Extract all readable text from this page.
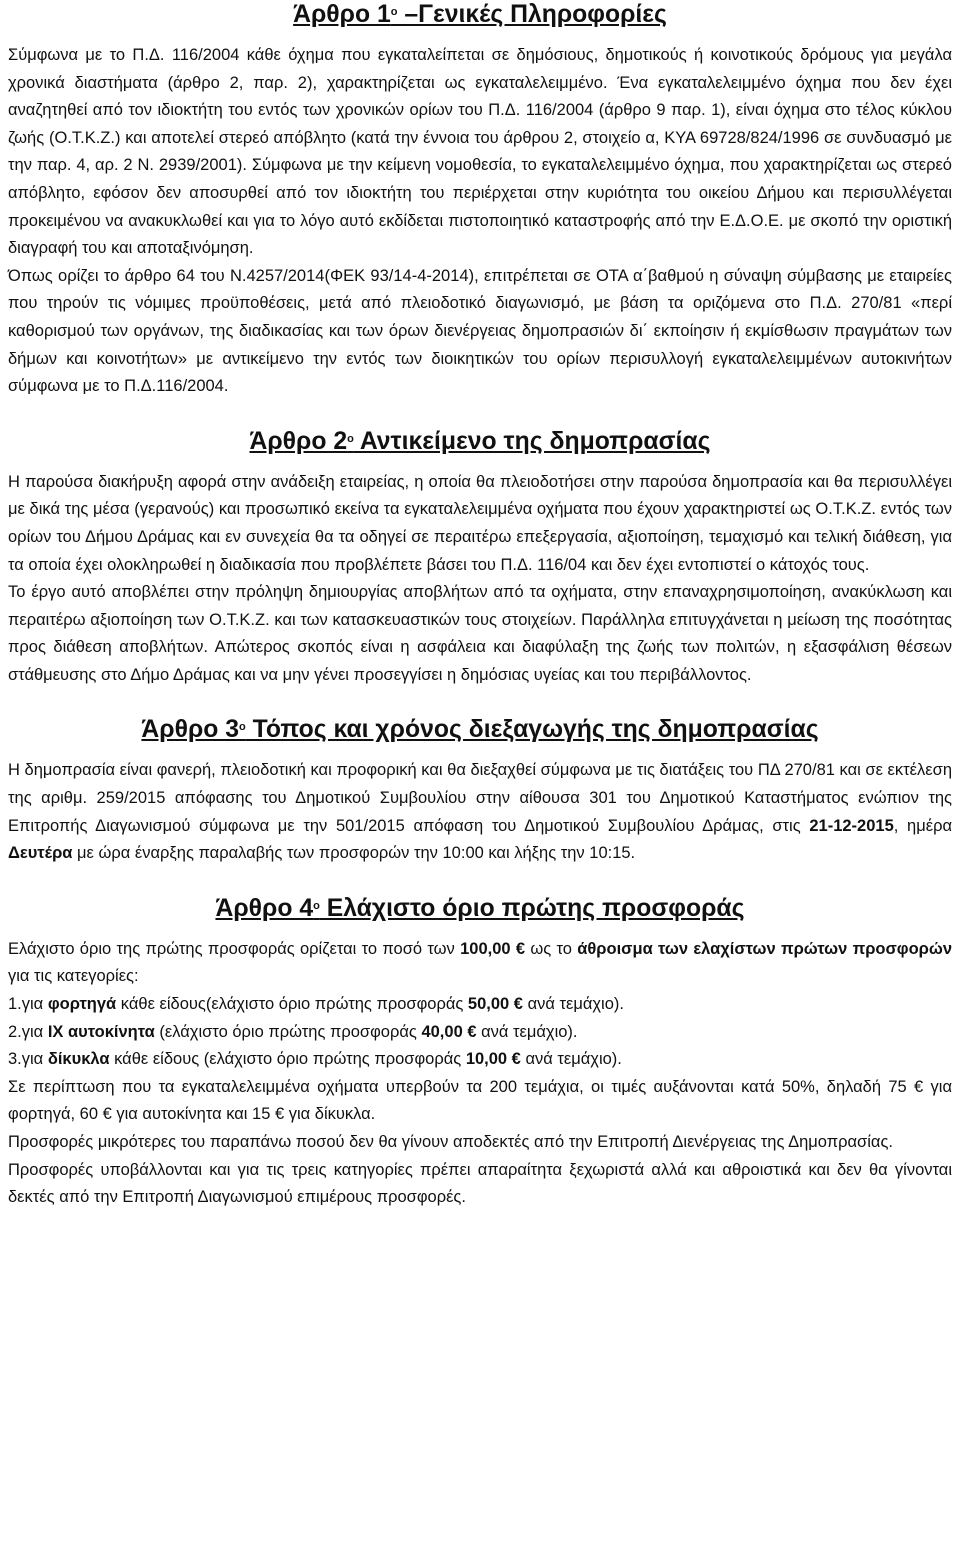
Άρθρο $1^o$ –Γενικές Πληροφορίες

Σύμφωνα με το Π.Δ. 116/2004 κάθε όχημα που εγκαταλείπεται σε δημόσιους, δημοτικούς ή κοινοτικούς δρόμους για μεγάλα χρονικά διαστήματα (άρθρο 2, παρ. 2), χαρακτηρίζεται ως εγκαταλελειμμένο. Ένα εγκαταλελειμμένο όχημα που δεν έχει αναζητηθεί από τον ιδιοκτήτη του εντός των χρονικών ορίων του Π.Δ. 116/2004 (άρθρο 9 παρ. 1), είναι όχημα στο τέλος κύκλου ζωής (Ο.Τ.Κ.Ζ.) και αποτελεί στερεό απόβλητο (κατά την έννοια του άρθρου 2, στοιχείο α, ΚΥΑ 69728/824/1996 σε συνδυασμό με την παρ. 4, αρ. 2 Ν. 2939/2001). Σύμφωνα με την κείμενη νομοθεσία, το εγκαταλελειμμένο όχημα, που χαρακτηρίζεται ως στερεό απόβλητο, εφόσον δεν αποσυρθεί από τον ιδιοκτήτη του περιέρχεται στην κυριότητα του οικείου Δήμου και περισυλλέγεται προκειμένου να ανακυκλωθεί και για το λόγο αυτό εκδίδεται πιστοποιητικό καταστροφής από την Ε.Δ.Ο.Ε. με σκοπό την οριστική διαγραφή του και αποταξινόμηση.

Όπως ορίζει το άρθρο 64 του Ν.4257/2014(ΦΕΚ 93/14-4-2014), επιτρέπεται σε ΟΤΑ α΄βαθμού η σύναψη σύμβασης με εταιρείες που τηρούν τις νόμιμες προϋποθέσεις, μετά από πλειοδοτικό διαγωνισμό, με βάση τα οριζόμενα στο Π.Δ. 270/81 «περί καθορισμού των οργάνων, της διαδικασίας και των όρων διενέργειας δημοπρασιών δι΄ εκποίησιν ή εκμίσθωσιν πραγμάτων των δήμων και κοινοτήτων» με αντικείμενο την εντός των διοικητικών του ορίων περισυλλογή εγκαταλελειμμένων αυτοκινήτων σύμφωνα με το Π.Δ.116/2004.

Άρθρο $2^o$ Αντικείμενο της δημοπρασίας

Η παρούσα διακήρυξη αφορά στην ανάδειξη εταιρείας, η οποία θα πλειοδοτήσει στην παρούσα δημοπρασία και θα περισυλλέγει με δικά της μέσα (γερανούς) και προσωπικό εκείνα τα εγκαταλελειμμένα οχήματα που έχουν χαρακτηριστεί ως Ο.Τ.Κ.Ζ. εντός των ορίων του Δήμου Δράμας και εν συνεχεία θα τα οδηγεί σε περαιτέρω επεξεργασία, αξιοποίηση, τεμαχισμό και τελική διάθεση, για τα οποία έχει ολοκληρωθεί η διαδικασία που προβλέπετε βάσει του Π.Δ. 116/04 και δεν έχει εντοπιστεί ο κάτοχός τους.

Το έργο αυτό αποβλέπει στην πρόληψη δημιουργίας αποβλήτων από τα οχήματα, στην επαναχρησιμοποίηση, ανακύκλωση και περαιτέρω αξιοποίηση των Ο.Τ.Κ.Ζ. και των κατασκευαστικών τους στοιχείων. Παράλληλα επιτυγχάνεται η μείωση της ποσότητας προς διάθεση αποβλήτων. Απώτερος σκοπός είναι η ασφάλεια και διαφύλαξη της ζωής των πολιτών, η εξασφάλιση θέσεων στάθμευσης στο Δήμο Δράμας και να μην γένει προσεγγίσει η δημόσιας υγείας και του περιβάλλοντος.

Άρθρο $3^o$ Τόπος και χρόνος διεξαγωγής της δημοπρασίας

Η δημοπρασία είναι φανερή, πλειοδοτική και προφορική και θα διεξαχθεί σύμφωνα με τις διατάξεις του ΠΔ 270/81 και σε εκτέλεση της αριθμ. 259/2015 απόφασης του Δημοτικού Συμβουλίου στην αίθουσα 301 του Δημοτικού Καταστήματος ενώπιον της Επιτροπής Διαγωνισμού σύμφωνα με την 501/2015 απόφαση του Δημοτικού Συμβουλίου Δράμας, στις 21-12-2015, ημέρα Δευτέρα με ώρα έναρξης παραλαβής των προσφορών την 10:00 και λήξης την 10:15.

Άρθρο $4^o$ Ελάχιστο όριο πρώτης προσφοράς

Ελάχιστο όριο της πρώτης προσφοράς ορίζεται το ποσό των 100,00 € ως το άθροισμα των ελαχίστων πρώτων προσφορών για τις κατεγορίες:

1.για φορτηγά κάθε είδους(ελάχιστο όριο πρώτης προσφοράς 50,00 € ανά τεμάχιο).

2.για ΙΧ αυτοκίνητα (ελάχιστο όριο πρώτης προσφοράς 40,00 € ανά τεμάχιο).

3.για δίκυκλα κάθε είδους (ελάχιστο όριο πρώτης προσφοράς 10,00 € ανά τεμάχιο).

Σε περίπτωση που τα εγκαταλελειμμένα οχήματα υπερβούν τα 200 τεμάχια, οι τιμές αυξάνονται κατά 50%, δηλαδή 75 € για φορτηγά, 60 € για αυτοκίνητα και 15 € για δίκυκλα.

Προσφορές μικρότερες του παραπάνω ποσού δεν θα γίνουν αποδεκτές από την Επιτροπή Διενέργειας της Δημοπρασίας.

Προσφορές υποβάλλονται και για τις τρεις κατηγορίες πρέπει απαραίτητα ξεχωριστά αλλά και αθροιστικά και δεν θα γίνονται δεκτές από την Επιτροπή Διαγωνισμού επιμέρους προσφορές.
